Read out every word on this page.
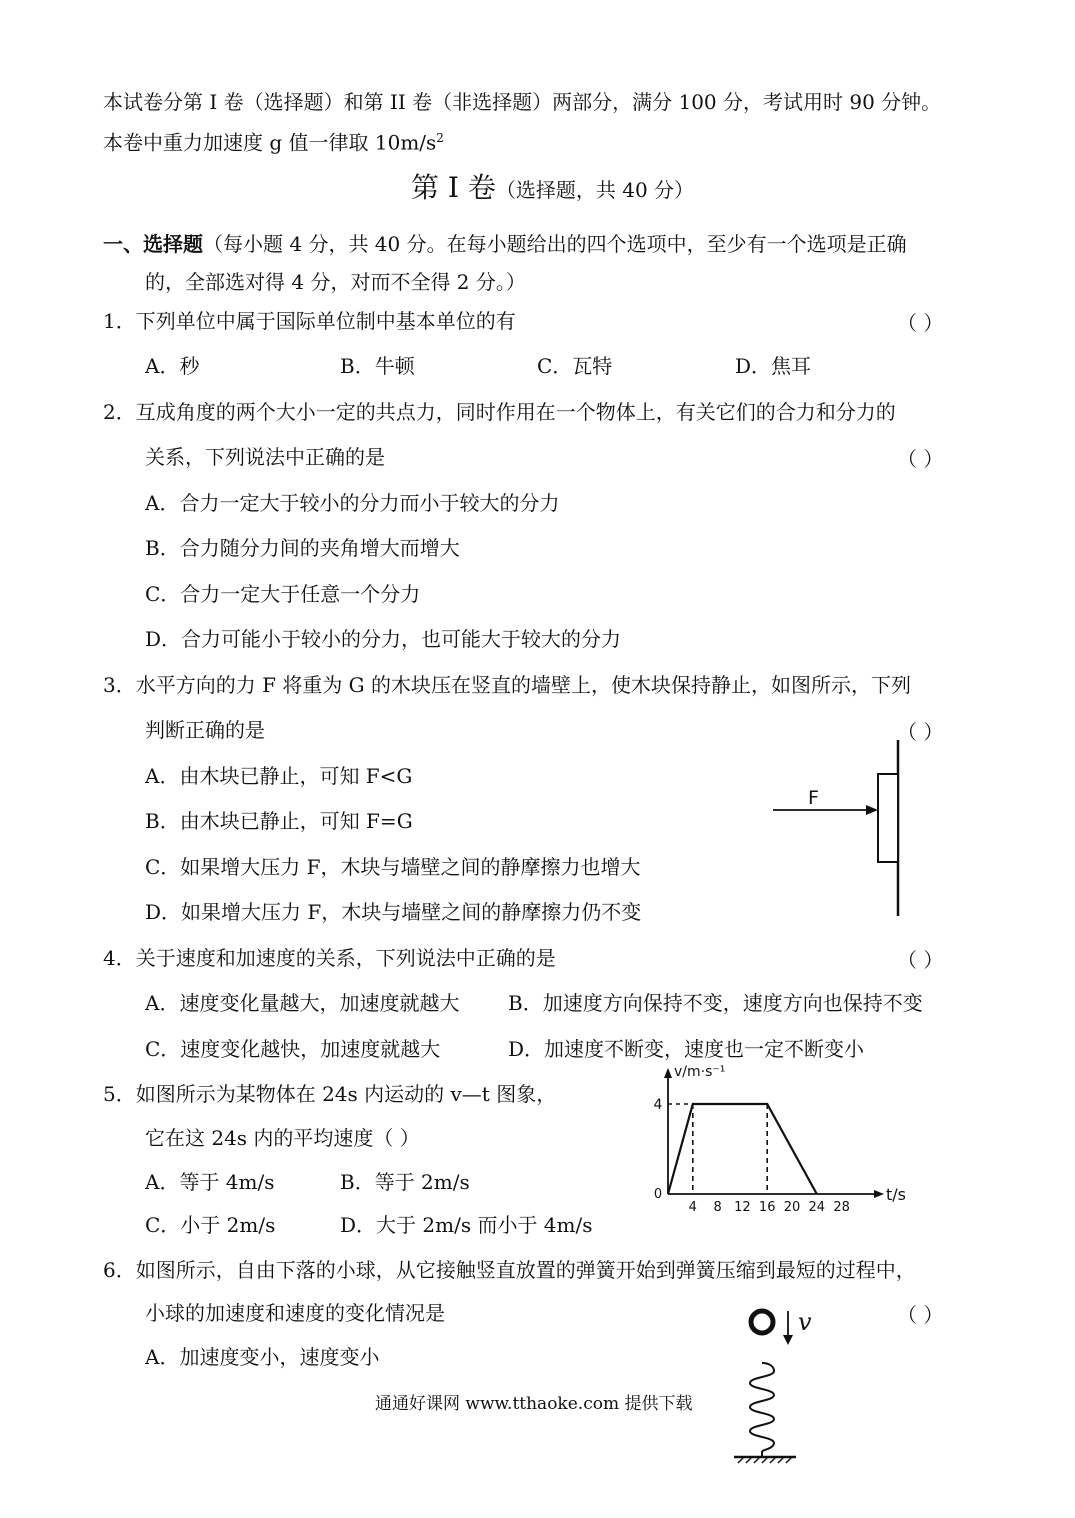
本试卷分第 I 卷（选择题）和第 II 卷（非选择题）两部分，满分 100 分，考试用时 90 分钟。
本卷中重力加速度 g 值一律取 $10m/s^2$
第 I 卷（选择题，共 40 分）
一、选择题（每小题 4 分，共 40 分。在每小题给出的四个选项中，至少有一个选项是正确
的，全部选对得 4 分，对而不全得 2 分。）
1．下列单位中属于国际单位制中基本单位的有	（ ）
A．秒	B．牛顿	C．瓦特	D．焦耳
2．互成角度的两个大小一定的共点力，同时作用在一个物体上，有关它们的合力和分力的
关系，下列说法中正确的是	（ ）
A．合力一定大于较小的分力而小于较大的分力
B．合力随分力间的夹角增大而增大
C．合力一定大于任意一个分力
D．合力可能小于较小的分力，也可能大于较大的分力
3．水平方向的力 F 将重为 G 的木块压在竖直的墙壁上，使木块保持静止，如图所示，下列
判断正确的是	（ ）
A．由木块已静止，可知 F<G
B．由木块已静止，可知 F=G
C．如果增大压力 F，木块与墙壁之间的静摩擦力也增大
D．如果增大压力 F，木块与墙壁之间的静摩擦力仍不变
F
4．关于速度和加速度的关系，下列说法中正确的是	（ ）
A．速度变化量越大，加速度就越大 B．加速度方向保持不变，速度方向也保持不变
C．速度变化越快，加速度就越大	D．加速度不断变，速度也一定不断变小
5．如图所示为某物体在 24s 内运动的 v—t 图象，
它在这 24s 内的平均速度（ ）
A．等于 4m/s	B．等于 2m/s
C．小于 2m/s	D．大于 2m/s 而小于 4m/s
4 8 12 16 20 24 28
4
0
v/m·s⁻¹
t/s
6．如图所示，自由下落的小球，从它接触竖直放置的弹簧开始到弹簧压缩到最短的过程中，
小球的加速度和速度的变化情况是	（ ）
A．加速度变小，速度变小
v
通通好课网 www.tthaoke.com 提供下载
